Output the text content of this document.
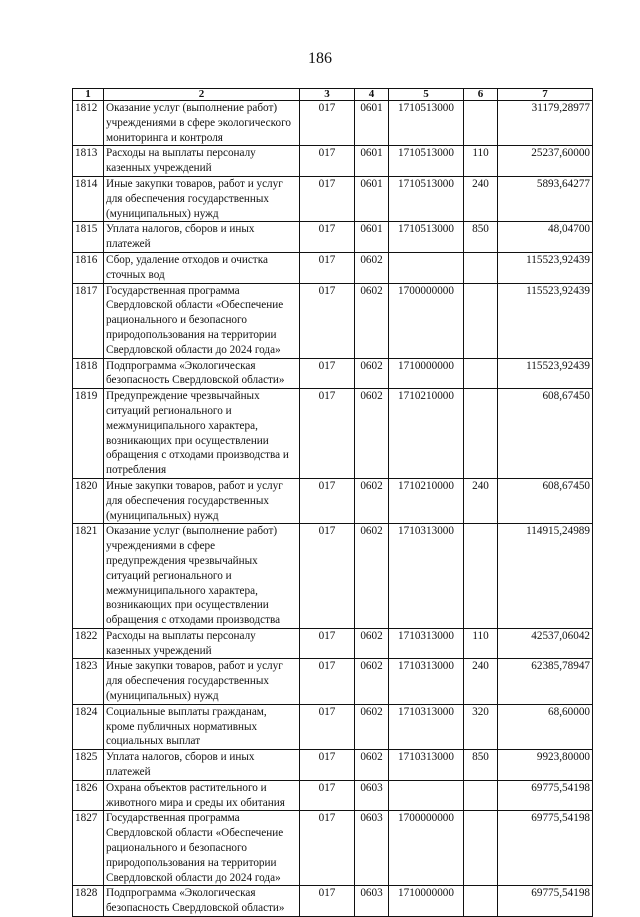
186
1	2	3	4	5	6	7
1812	Оказание услуг (выполнение работ) учреждениями в сфере экологического мониторинга и контроля	017	0601	1710513000		31179,28977
1813	Расходы на выплаты персоналу казенных учреждений	017	0601	1710513000	110	25237,60000
1814	Иные закупки товаров, работ и услуг для обеспечения государственных (муниципальных) нужд	017	0601	1710513000	240	5893,64277
1815	Уплата налогов, сборов и иных платежей	017	0601	1710513000	850	48,04700
1816	Сбор, удаление отходов и очистка сточных вод	017	0602			115523,92439
1817	Государственная программа Свердловской области «Обеспечение рационального и безопасного природопользования на территории Свердловской области до 2024 года»	017	0602	1700000000		115523,92439
1818	Подпрограмма «Экологическая безопасность Свердловской области»	017	0602	1710000000		115523,92439
1819	Предупреждение чрезвычайных ситуаций регионального и межмуниципального характера, возникающих при осуществлении обращения с отходами производства и потребления	017	0602	1710210000		608,67450
1820	Иные закупки товаров, работ и услуг для обеспечения государственных (муниципальных) нужд	017	0602	1710210000	240	608,67450
1821	Оказание услуг (выполнение работ) учреждениями в сфере предупреждения чрезвычайных ситуаций регионального и межмуниципального характера, возникающих при осуществлении обращения с отходами производства	017	0602	1710313000		114915,24989
1822	Расходы на выплаты персоналу казенных учреждений	017	0602	1710313000	110	42537,06042
1823	Иные закупки товаров, работ и услуг для обеспечения государственных (муниципальных) нужд	017	0602	1710313000	240	62385,78947
1824	Социальные выплаты гражданам, кроме публичных нормативных социальных выплат	017	0602	1710313000	320	68,60000
1825	Уплата налогов, сборов и иных платежей	017	0602	1710313000	850	9923,80000
1826	Охрана объектов растительного и животного мира и среды их обитания	017	0603			69775,54198
1827	Государственная программа Свердловской области «Обеспечение рационального и безопасного природопользования на территории Свердловской области до 2024 года»	017	0603	1700000000		69775,54198
1828	Подпрограмма «Экологическая безопасность Свердловской области»	017	0603	1710000000		69775,54198
